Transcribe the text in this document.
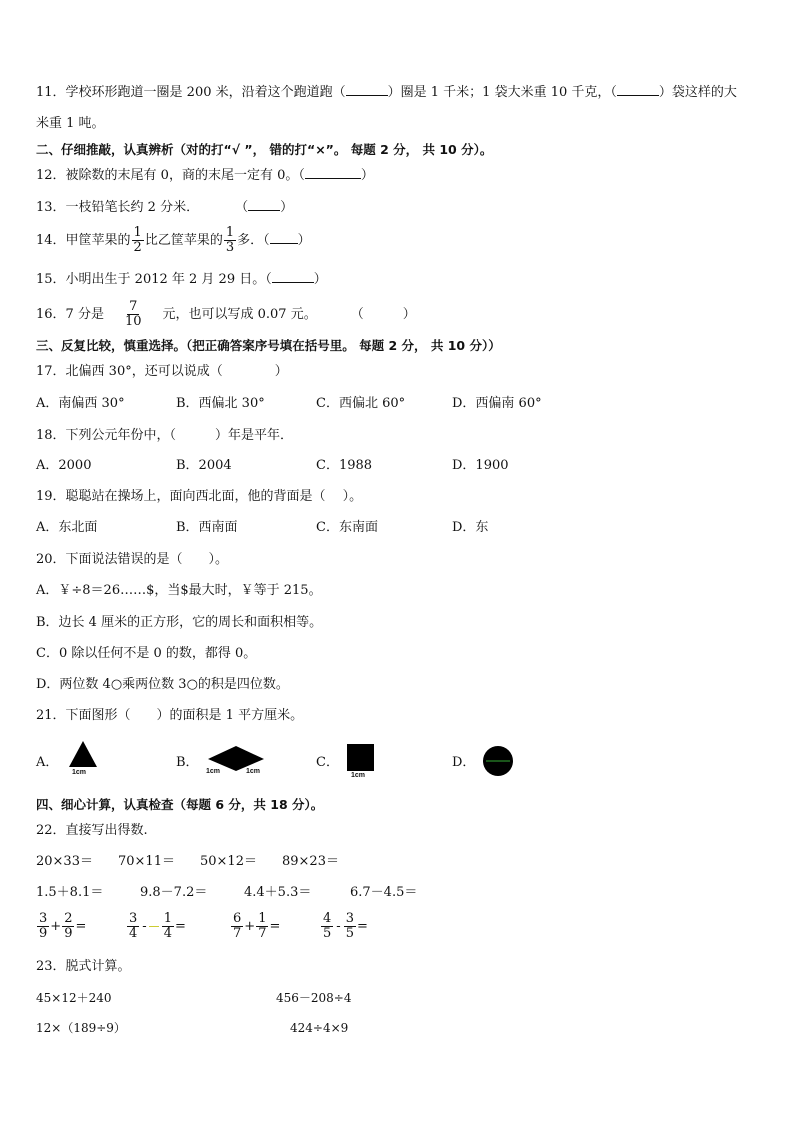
11．学校环形跑道一圈是 200 米，沿着这个跑道跑（	）圈是 1 千米；1 袋大米重 10 千克，（	）袋这样的大
米重 1 吨。
二、仔细推敲，认真辨析（对的打“√ ”， 错的打“×”。 每题 2 分， 共 10 分）。
12．被除数的末尾有 0，商的末尾一定有 0。（	）
13．一枝铅笔长约 2 分米．	（ ）
14．甲筐苹果的 $\frac{1}{2}$ 比乙筐苹果的 $\frac{1}{3}$ 多．（ ）
15．小明出生于 2012 年 2 月 29 日。（	）
16．7 分是 $\frac{7}{10}$ 元，也可以写成 0.07 元。	（　　　）
三、反复比较，慎重选择。（把正确答案序号填在括号里。 每题 2 分， 共 10 分））
17．北偏西 30°，还可以说成（　　　　）
A．南偏西 30°	B．西偏北 30°	C．西偏北 60°	D．西偏南 60°
18．下列公元年份中，（　　　）年是平年．
A．2000	B．2004	C．1988	D．1900
19．聪聪站在操场上，面向西北面，他的背面是（　 ）。
A．东北面	B．西南面	C．东南面	D．东
20．下面说法错误的是（　　）。
A．￥÷8＝26……$，当$最大时，￥等于 215。
B．边长 4 厘米的正方形，它的周长和面积相等。
C．0 除以任何不是 0 的数，都得 0。
D．两位数 4○乘两位数 3○的积是四位数。
21．下面图形（　　）的面积是 1 平方厘米。
A．
1cm
B．
1cm	1cm
C．
1cm
D．
四、细心计算，认真检查（每题 6 分，共 18 分）。
22．直接写出得数.
20×33＝ 70×11＝ 50×12＝ 89×23＝
1.5＋8.1＝	9.8－7.2＝	4.4＋5.3＝	6.7－4.5＝
$\frac{3}{9} + \frac{2}{9}$ =	$\frac{3}{4} - \frac{1}{4}$ =	$\frac{6}{7} + \frac{1}{7}$ =	$\frac{4}{5} - \frac{3}{5}$ =
23．脱式计算。
45×12＋240	456－208÷4
12×（189÷9）	424÷4×9
